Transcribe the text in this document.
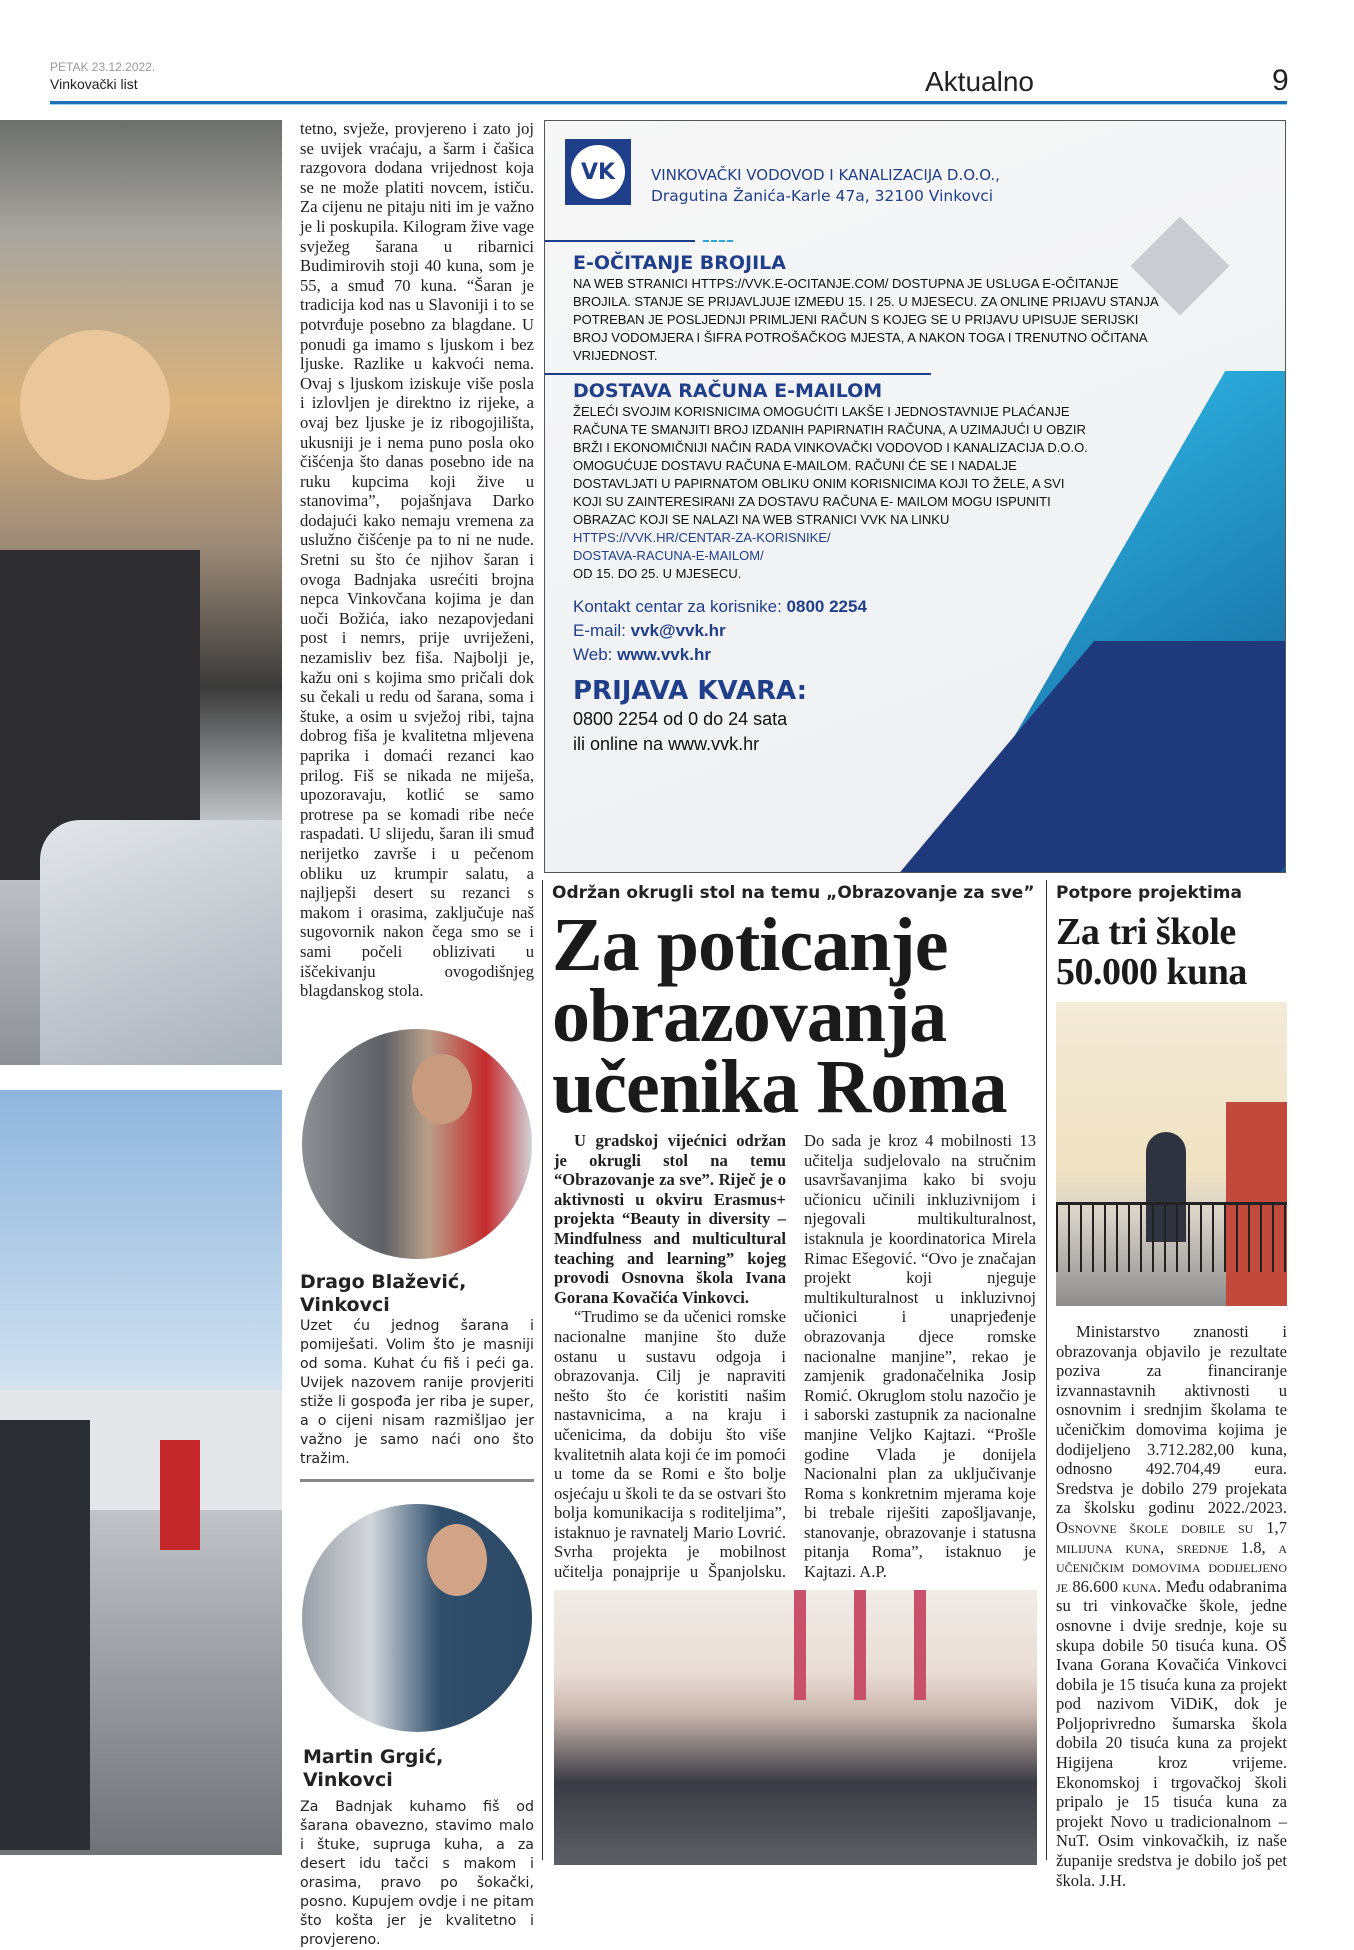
PETAK 23.12.2022.
Vinkovački list	Aktualno	9
tetno, svježe, provjereno i zato joj se uvijek vraćaju, a šarm i čašica razgovora dodana vrijednost koja se ne može platiti novcem, ističu. Za cijenu ne pitaju niti im je važno je li poskupila. Kilogram žive vage svježeg šarana u ribarnici Budimirovih stoji 40 kuna, som je 55, a smuđ 70 kuna. “Šaran je tradicija kod nas u Slavoniji i to se potvrđuje posebno za blagdane. U ponudi ga imamo s ljuskom i bez ljuske. Razlike u kakvoći nema. Ovaj s ljuskom iziskuje više posla i izlovljen je direktno iz rijeke, a ovaj bez ljuske je iz ribogojilišta, ukusniji je i nema puno posla oko čišćenja što danas posebno ide na ruku kupcima koji žive u stanovima”, pojašnjava Darko dodajući kako nemaju vremena za uslužno čišćenje pa to ni ne nude. Sretni su što će njihov šaran i ovoga Badnjaka usrećiti brojna nepca Vinkovčana kojima je dan uoči Božića, iako nezapovjedani post i nemrs, prije uvriježeni, nezamisliv bez fiša. Najbolji je, kažu oni s kojima smo pričali dok su čekali u redu od šarana, soma i štuke, a osim u svježoj ribi, tajna dobrog fiša je kvalitetna mljevena paprika i domaći rezanci kao prilog. Fiš se nikada ne miješa, upozoravaju, kotlić se samo protrese pa se komadi ribe neće raspadati. U slijedu, šaran ili smuđ nerijetko završe i u pečenom obliku uz krumpir salatu, a najljepši desert su rezanci s makom i orasima, zaključuje naš sugovornik nakon čega smo se i sami počeli oblizivati u iščekivanju ovogodišnjeg blagdanskog stola.
Drago Blažević, Vinkovci
Uzet ću jednog šarana i pomiješati. Volim što je masniji od soma. Kuhat ću fiš i peći ga. Uvijek nazovem ranije provjeriti stiže li gospođa jer riba je super, a o cijeni nisam razmišljao jer važno je samo naći ono što tražim.
Martin Grgić, Vinkovci
Za Badnjak kuhamo fiš od šarana obavezno, stavimo malo i štuke, supruga kuha, a za desert idu tačci s makom i orasima, pravo po šokački, posno. Kupujem ovdje i ne pitam što košta jer je kvalitetno i provjereno.
VK	VINKOVAČKI VODOVOD I KANALIZACIJA D.O.O.,
Dragutina Žanića-Karle 47a, 32100 Vinkovci
E-OČITANJE BROJILA
NA WEB STRANICI HTTPS://VVK.E-OCITANJE.COM/ DOSTUPNA JE USLUGA E-OČITANJE BROJILA. STANJE SE PRIJAVLJUJE IZMEĐU 15. I 25. U MJESECU. ZA ONLINE PRIJAVU STANJA POTREBAN JE POSLJEDNJI PRIMLJENI RAČUN S KOJEG SE U PRIJAVU UPISUJE SERIJSKI BROJ VODOMJERA I ŠIFRA POTROŠAČKOG MJESTA, A NAKON TOGA I TRENUTNO OČITANA VRIJEDNOST.
DOSTAVA RAČUNA E-MAILOM
ŽELEĆI SVOJIM KORISNICIMA OMOGUĆITI LAKŠE I JEDNOSTAVNIJE PLAĆANJE RAČUNA TE SMANJITI BROJ IZDANIH PAPIRNATIH RAČUNA, A UZIMAJUĆI U OBZIR BRŽI I EKONOMIČNIJI NAČIN RADA VINKOVAČKI VODOVOD I KANALIZACIJA D.O.O. OMOGUĆUJE DOSTAVU RAČUNA E-MAILOM. RAČUNI ĆE SE I NADALJE DOSTAVLJATI U PAPIRNATOM OBLIKU ONIM KORISNICIMA KOJI TO ŽELE, A SVI KOJI SU ZAINTERESIRANI ZA DOSTAVU RAČUNA E- MAILOM MOGU ISPUNITI OBRAZAC KOJI SE NALAZI NA WEB STRANICI VVK NA LINKU
HTTPS://VVK.HR/CENTAR-ZA-KORISNIKE/ DOSTAVA-RACUNA-E-MAILOM/
OD 15. DO 25. U MJESECU.
Kontakt centar za korisnike: 0800 2254
E-mail: vvk@vvk.hr
Web: www.vvk.hr
PRIJAVA KVARA:
0800 2254 od 0 do 24 sata
ili online na www.vvk.hr
Održan okrugli stol na temu „Obrazovanje za sve”
Za poticanje obrazovanja učenika Roma

U gradskoj vijećnici održan je okrugli stol na temu “Obrazovanje za sve”. Riječ je o aktivnosti u okviru Erasmus+ projekta “Beauty in diversity – Mindfulness and multicultural teaching and learning” kojeg provodi Osnovna škola Ivana Gorana Kovačića Vinkovci.

“Trudimo se da učenici romske nacionalne manjine što duže ostanu u sustavu odgoja i obrazovanja. Cilj je napraviti nešto što će koristiti našim nastavnicima, a na kraju i učenicima, da dobiju što više kvalitetnih alata koji će im pomoći u tome da se Romi e što bolje osjećaju u školi te da se ostvari što bolja komunikacija s roditeljima”, istaknuo je ravnatelj Mario Lovrić. Svrha projekta je mobilnost učitelja ponajprije u Španjolsku. Do sada je kroz 4 mobilnosti 13 učitelja sudjelovalo na stručnim usavršavanjima kako bi svoju učionicu učinili inkluzivnijom i njegovali multikulturalnost, istaknula je koordinatorica Mirela Rimac Ešegović. “Ovo je značajan projekt koji njeguje multikulturalnost u inkluzivnoj učionici i unaprjeđenje obrazovanja djece romske nacionalne manjine”, rekao je zamjenik gradonačelnika Josip Romić. Okruglom stolu nazočio je i saborski zastupnik za nacionalne manjine Veljko Kajtazi. “Prošle godine Vlada je donijela Nacionalni plan za uključivanje Roma s konkretnim mjerama koje bi trebale riješiti zapošljavanje, stanovanje, obrazovanje i statusna pitanja Roma”, istaknuo je Kajtazi. A.P.

Potpore projektima
Za tri škole 50.000 kuna

Ministarstvo znanosti i obrazovanja objavilo je rezultate poziva za financiranje izvannastavnih aktivnosti u osnovnim i srednjim školama te učeničkim domovima kojima je dodijeljeno 3.712.282,00 kuna, odnosno 492.704,49 eura. Sredstva je dobilo 279 projekata za školsku godinu 2022./2023. Osnovne škole dobile su 1,7 milijuna kuna, srednje 1.8, a učeničkim domovima dodijeljeno je 86.600 kuna. Među odabranima su tri vinkovačke škole, jedne osnovne i dvije srednje, koje su skupa dobile 50 tisuća kuna. OŠ Ivana Gorana Kovačića Vinkovci dobila je 15 tisuća kuna za projekt pod nazivom ViDiK, dok je Poljoprivredno šumarska škola dobila 20 tisuća kuna za projekt Higijena kroz vrijeme. Ekonomskoj i trgovačkoj školi pripalo je 15 tisuća kuna za projekt Novo u tradicionalnom – NuT. Osim vinkovačkih, iz naše županije sredstva je dobilo još pet škola. J.H.
